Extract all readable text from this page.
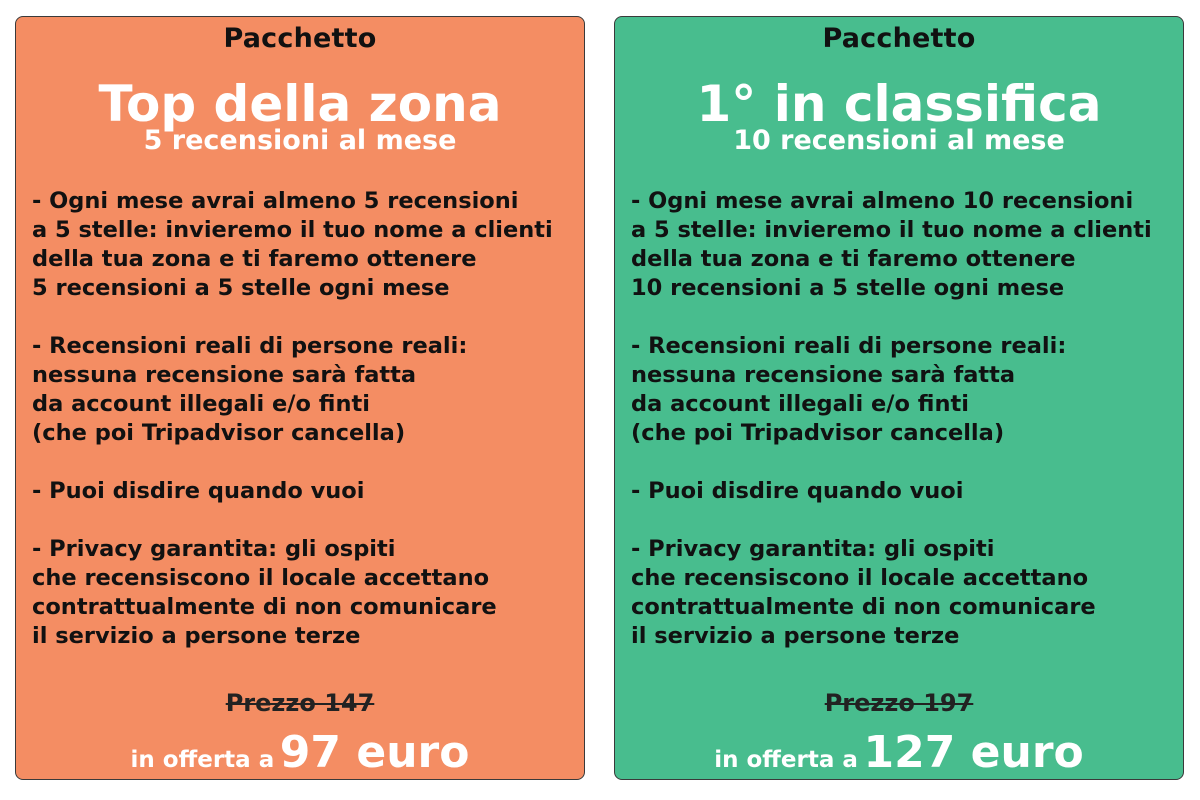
Pacchetto
Top della zona
5 recensioni al mese
- Ogni mese avrai almeno 5 recensioni
a 5 stelle: invieremo il tuo nome a clienti
della tua zona e ti faremo ottenere
5 recensioni a 5 stelle ogni mese
- Recensioni reali di persone reali:
nessuna recensione sarà fatta
da account illegali e/o finti
(che poi Tripadvisor cancella)
- Puoi disdire quando vuoi
- Privacy garantita: gli ospiti
che recensiscono il locale accettano
contrattualmente di non comunicare
il servizio a persone terze
Prezzo 147
in offerta a 97 euro
Pacchetto
1° in classifica
10 recensioni al mese
- Ogni mese avrai almeno 10 recensioni
a 5 stelle: invieremo il tuo nome a clienti
della tua zona e ti faremo ottenere
10 recensioni a 5 stelle ogni mese
- Recensioni reali di persone reali:
nessuna recensione sarà fatta
da account illegali e/o finti
(che poi Tripadvisor cancella)
- Puoi disdire quando vuoi
- Privacy garantita: gli ospiti
che recensiscono il locale accettano
contrattualmente di non comunicare
il servizio a persone terze
Prezzo 197
in offerta a 127 euro
